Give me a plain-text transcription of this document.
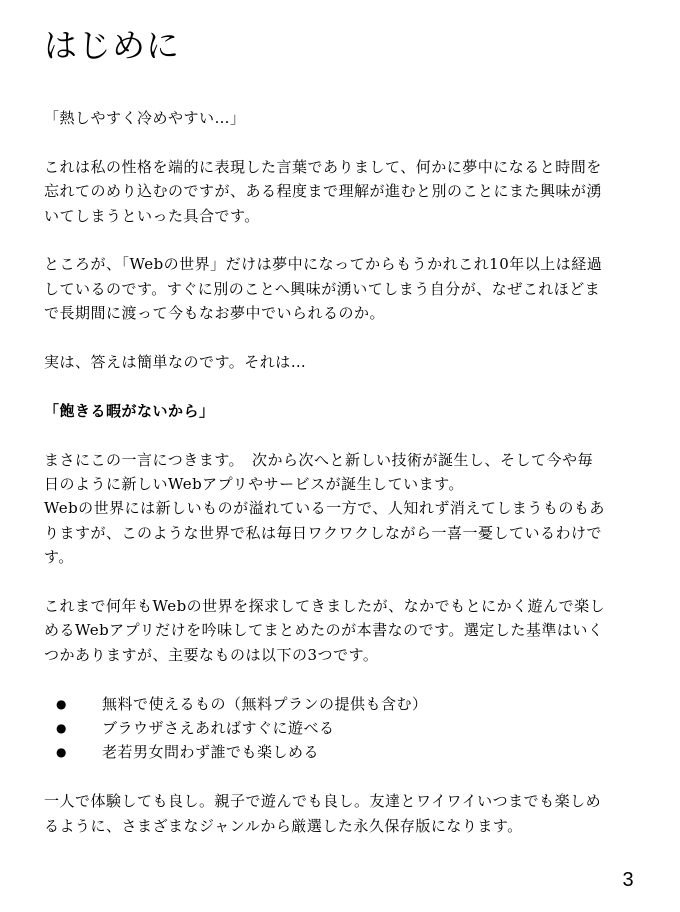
はじめに

「熱しやすく冷めやすい…」

これは私の性格を端的に表現した言葉でありまして、何かに夢中になると時間を

忘れてのめり込むのですが、ある程度まで理解が進むと別のことにまた興味が湧

いてしまうといった具合です。

ところが、「Webの世界」だけは夢中になってからもうかれこれ10年以上は経過

しているのです。すぐに別のことへ興味が湧いてしまう自分が、なぜこれほどま

で長期間に渡って今もなお夢中でいられるのか。

実は、答えは簡単なのです。それは…

「飽きる暇がないから」

まさにこの一言につきます。　次から次へと新しい技術が誕生し、そして今や毎

日のように新しいWebアプリやサービスが誕生しています。

Webの世界には新しいものが溢れている一方で、人知れず消えてしまうものもあ

りますが、このような世界で私は毎日ワクワクしながら一喜一憂しているわけで

す。

これまで何年もWebの世界を探求してきましたが、なかでもとにかく遊んで楽し

めるWebアプリだけを吟味してまとめたのが本書なのです。選定した基準はいく

つかありますが、主要なものは以下の3つです。

● 無料で使えるもの（無料プランの提供も含む）
● ブラウザさえあればすぐに遊べる
● 老若男女問わず誰でも楽しめる

一人で体験しても良し。親子で遊んでも良し。友達とワイワイいつまでも楽しめ

るように、さまざまなジャンルから厳選した永久保存版になります。

3
